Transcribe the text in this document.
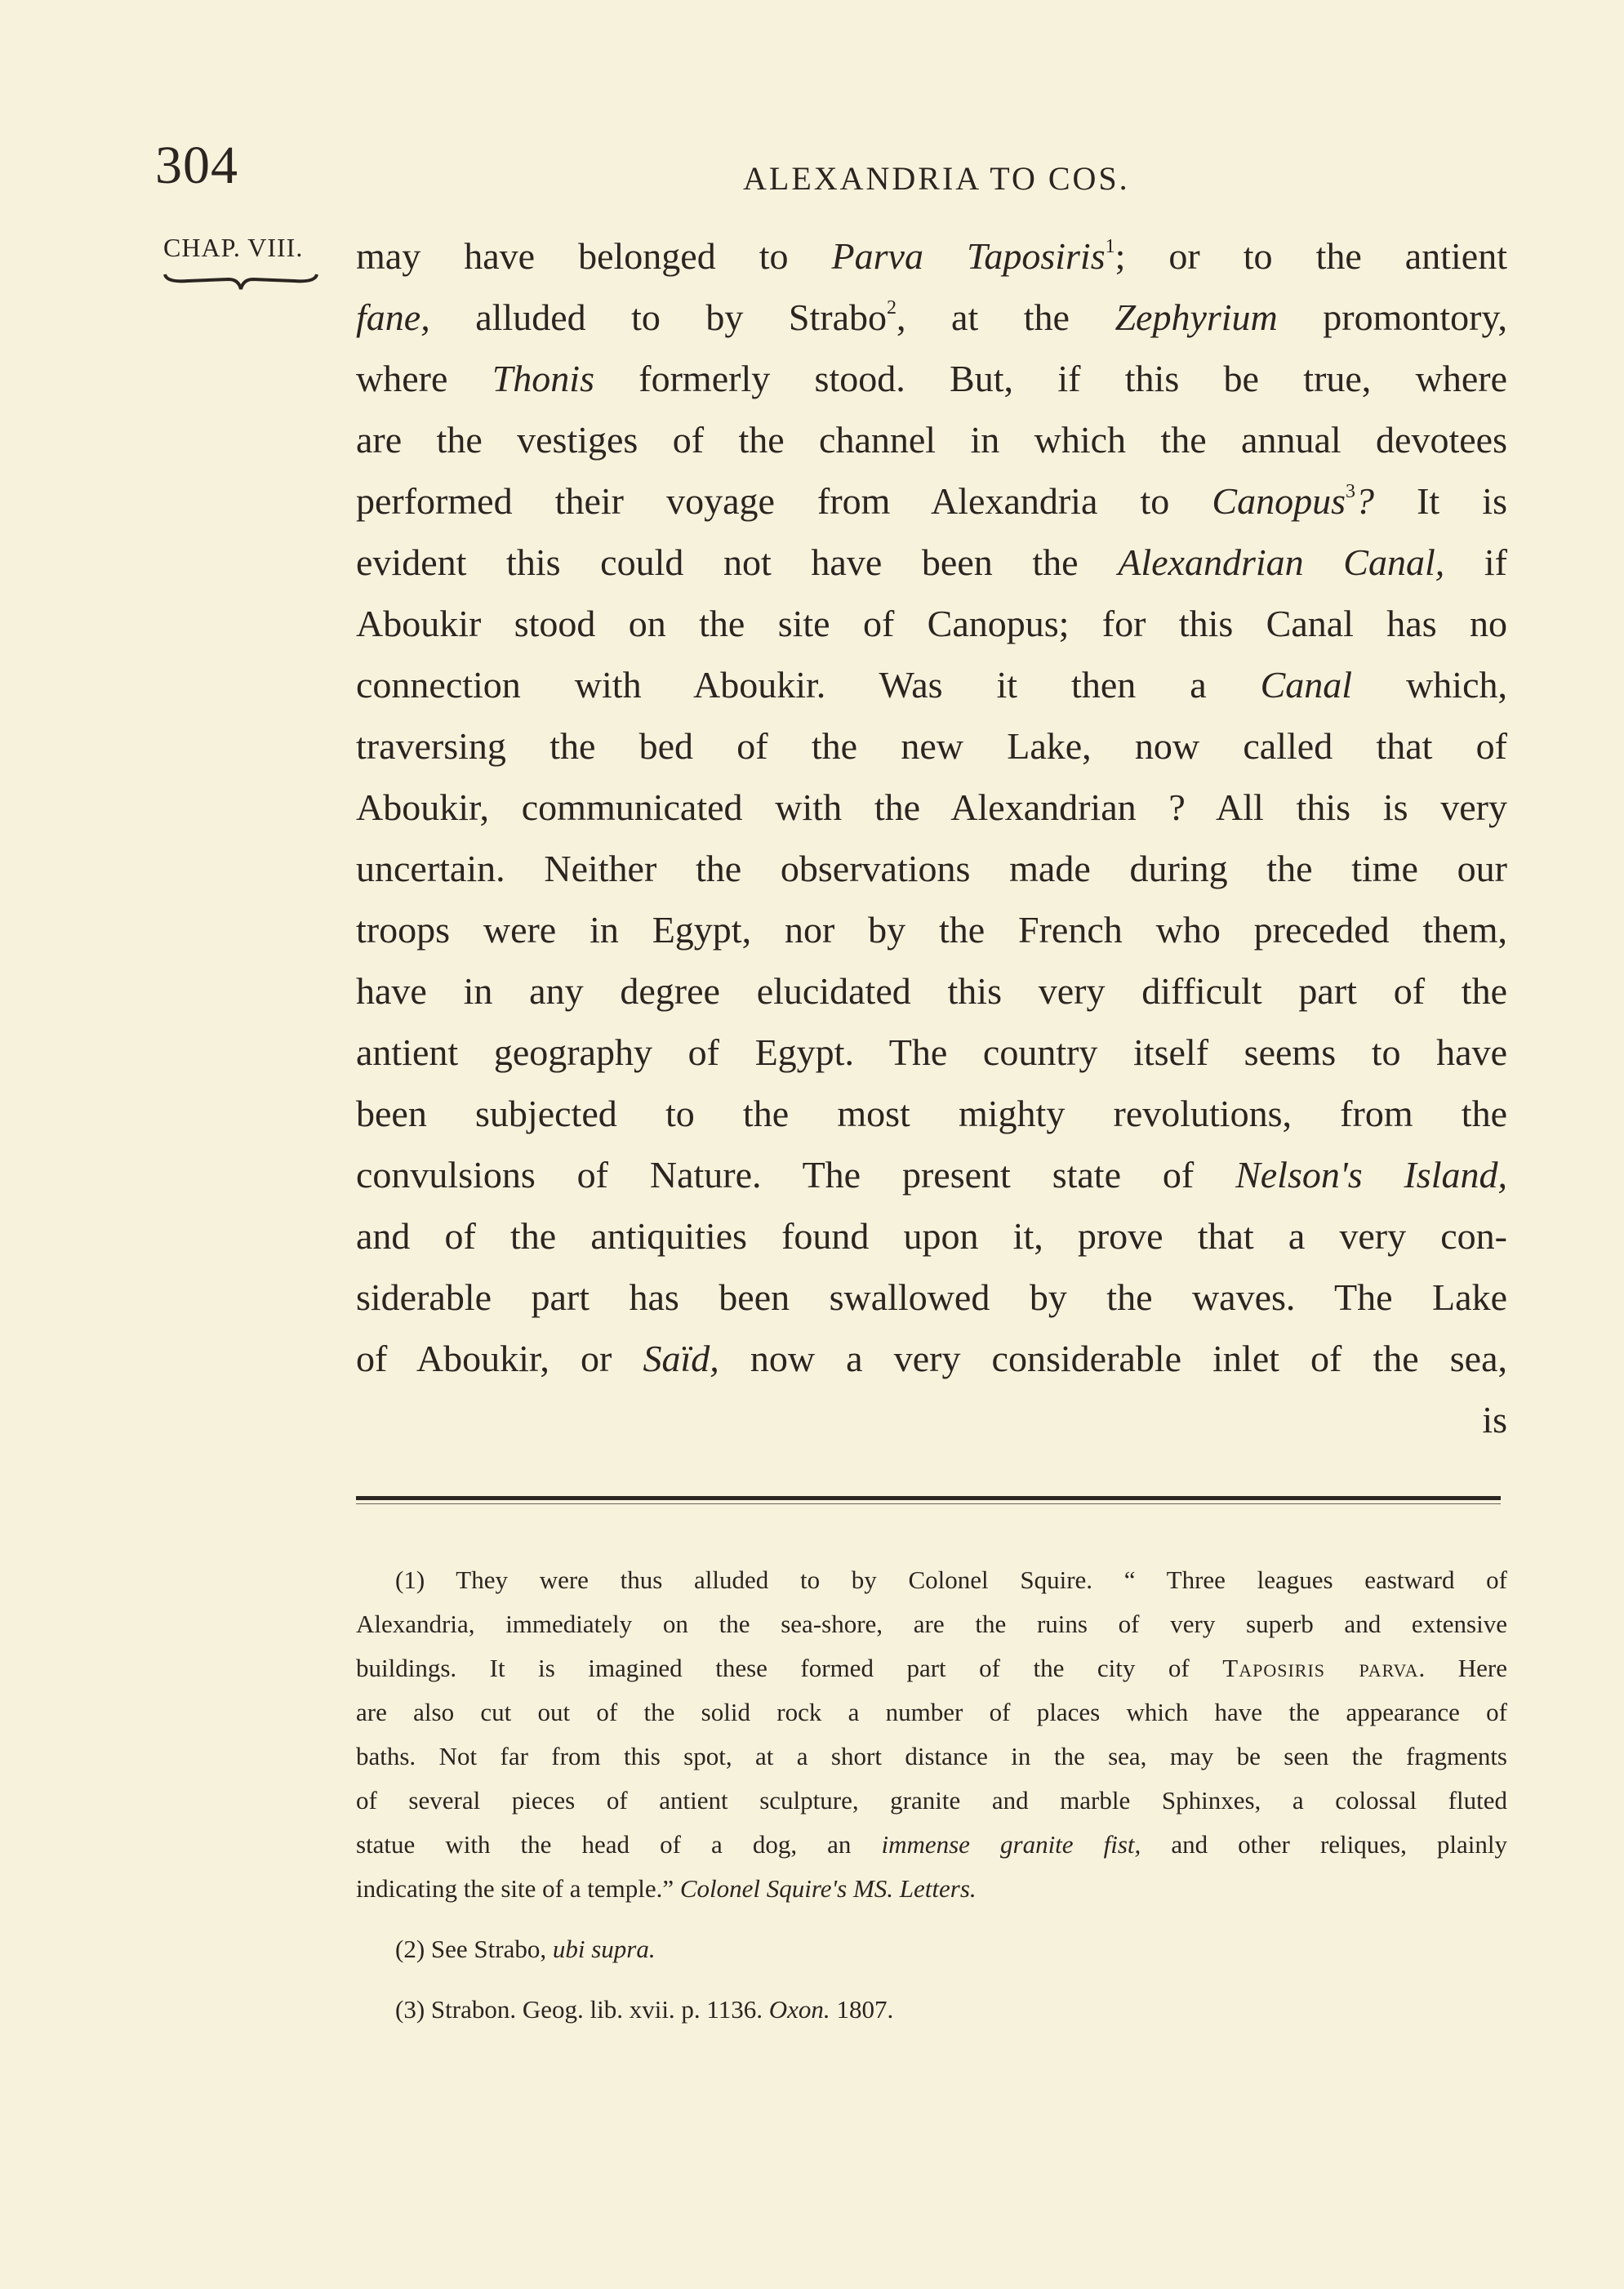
304	ALEXANDRIA TO COS.
CHAP. VIII. may have belonged to Parva Taposiris$^1$; or to the antient
fane, alluded to by Strabo$^2$, at the Zephyrium promontory,
where Thonis formerly stood. But, if this be true, where
are the vestiges of the channel in which the annual devotees
performed their voyage from Alexandria to Canopus$^3$? It is
evident this could not have been the Alexandrian Canal, if
Aboukir stood on the site of Canopus; for this Canal has no
connection with Aboukir. Was it then a Canal which,
traversing the bed of the new Lake, now called that of
Aboukir, communicated with the Alexandrian ? All this is very
uncertain. Neither the observations made during the time our
troops were in Egypt, nor by the French who preceded them,
have in any degree elucidated this very difficult part of the
antient geography of Egypt. The country itself seems to have
been subjected to the most mighty revolutions, from the
convulsions of Nature. The present state of Nelson's Island,
and of the antiquities found upon it, prove that a very con-
siderable part has been swallowed by the waves. The Lake
of Aboukir, or Saïd, now a very considerable inlet of the sea,
is
(1) They were thus alluded to by Colonel Squire. “ Three leagues eastward of
Alexandria, immediately on the sea-shore, are the ruins of very superb and extensive
buildings. It is imagined these formed part of the city of Taposiris parva. Here
are also cut out of the solid rock a number of places which have the appearance of
baths. Not far from this spot, at a short distance in the sea, may be seen the fragments
of several pieces of antient sculpture, granite and marble Sphinxes, a colossal fluted
statue with the head of a dog, an immense granite fist, and other reliques, plainly
indicating the site of a temple.” Colonel Squire's MS. Letters.
(2) See Strabo, ubi supra.
(3) Strabon. Geog. lib. xvii. p. 1136. Oxon. 1807.
